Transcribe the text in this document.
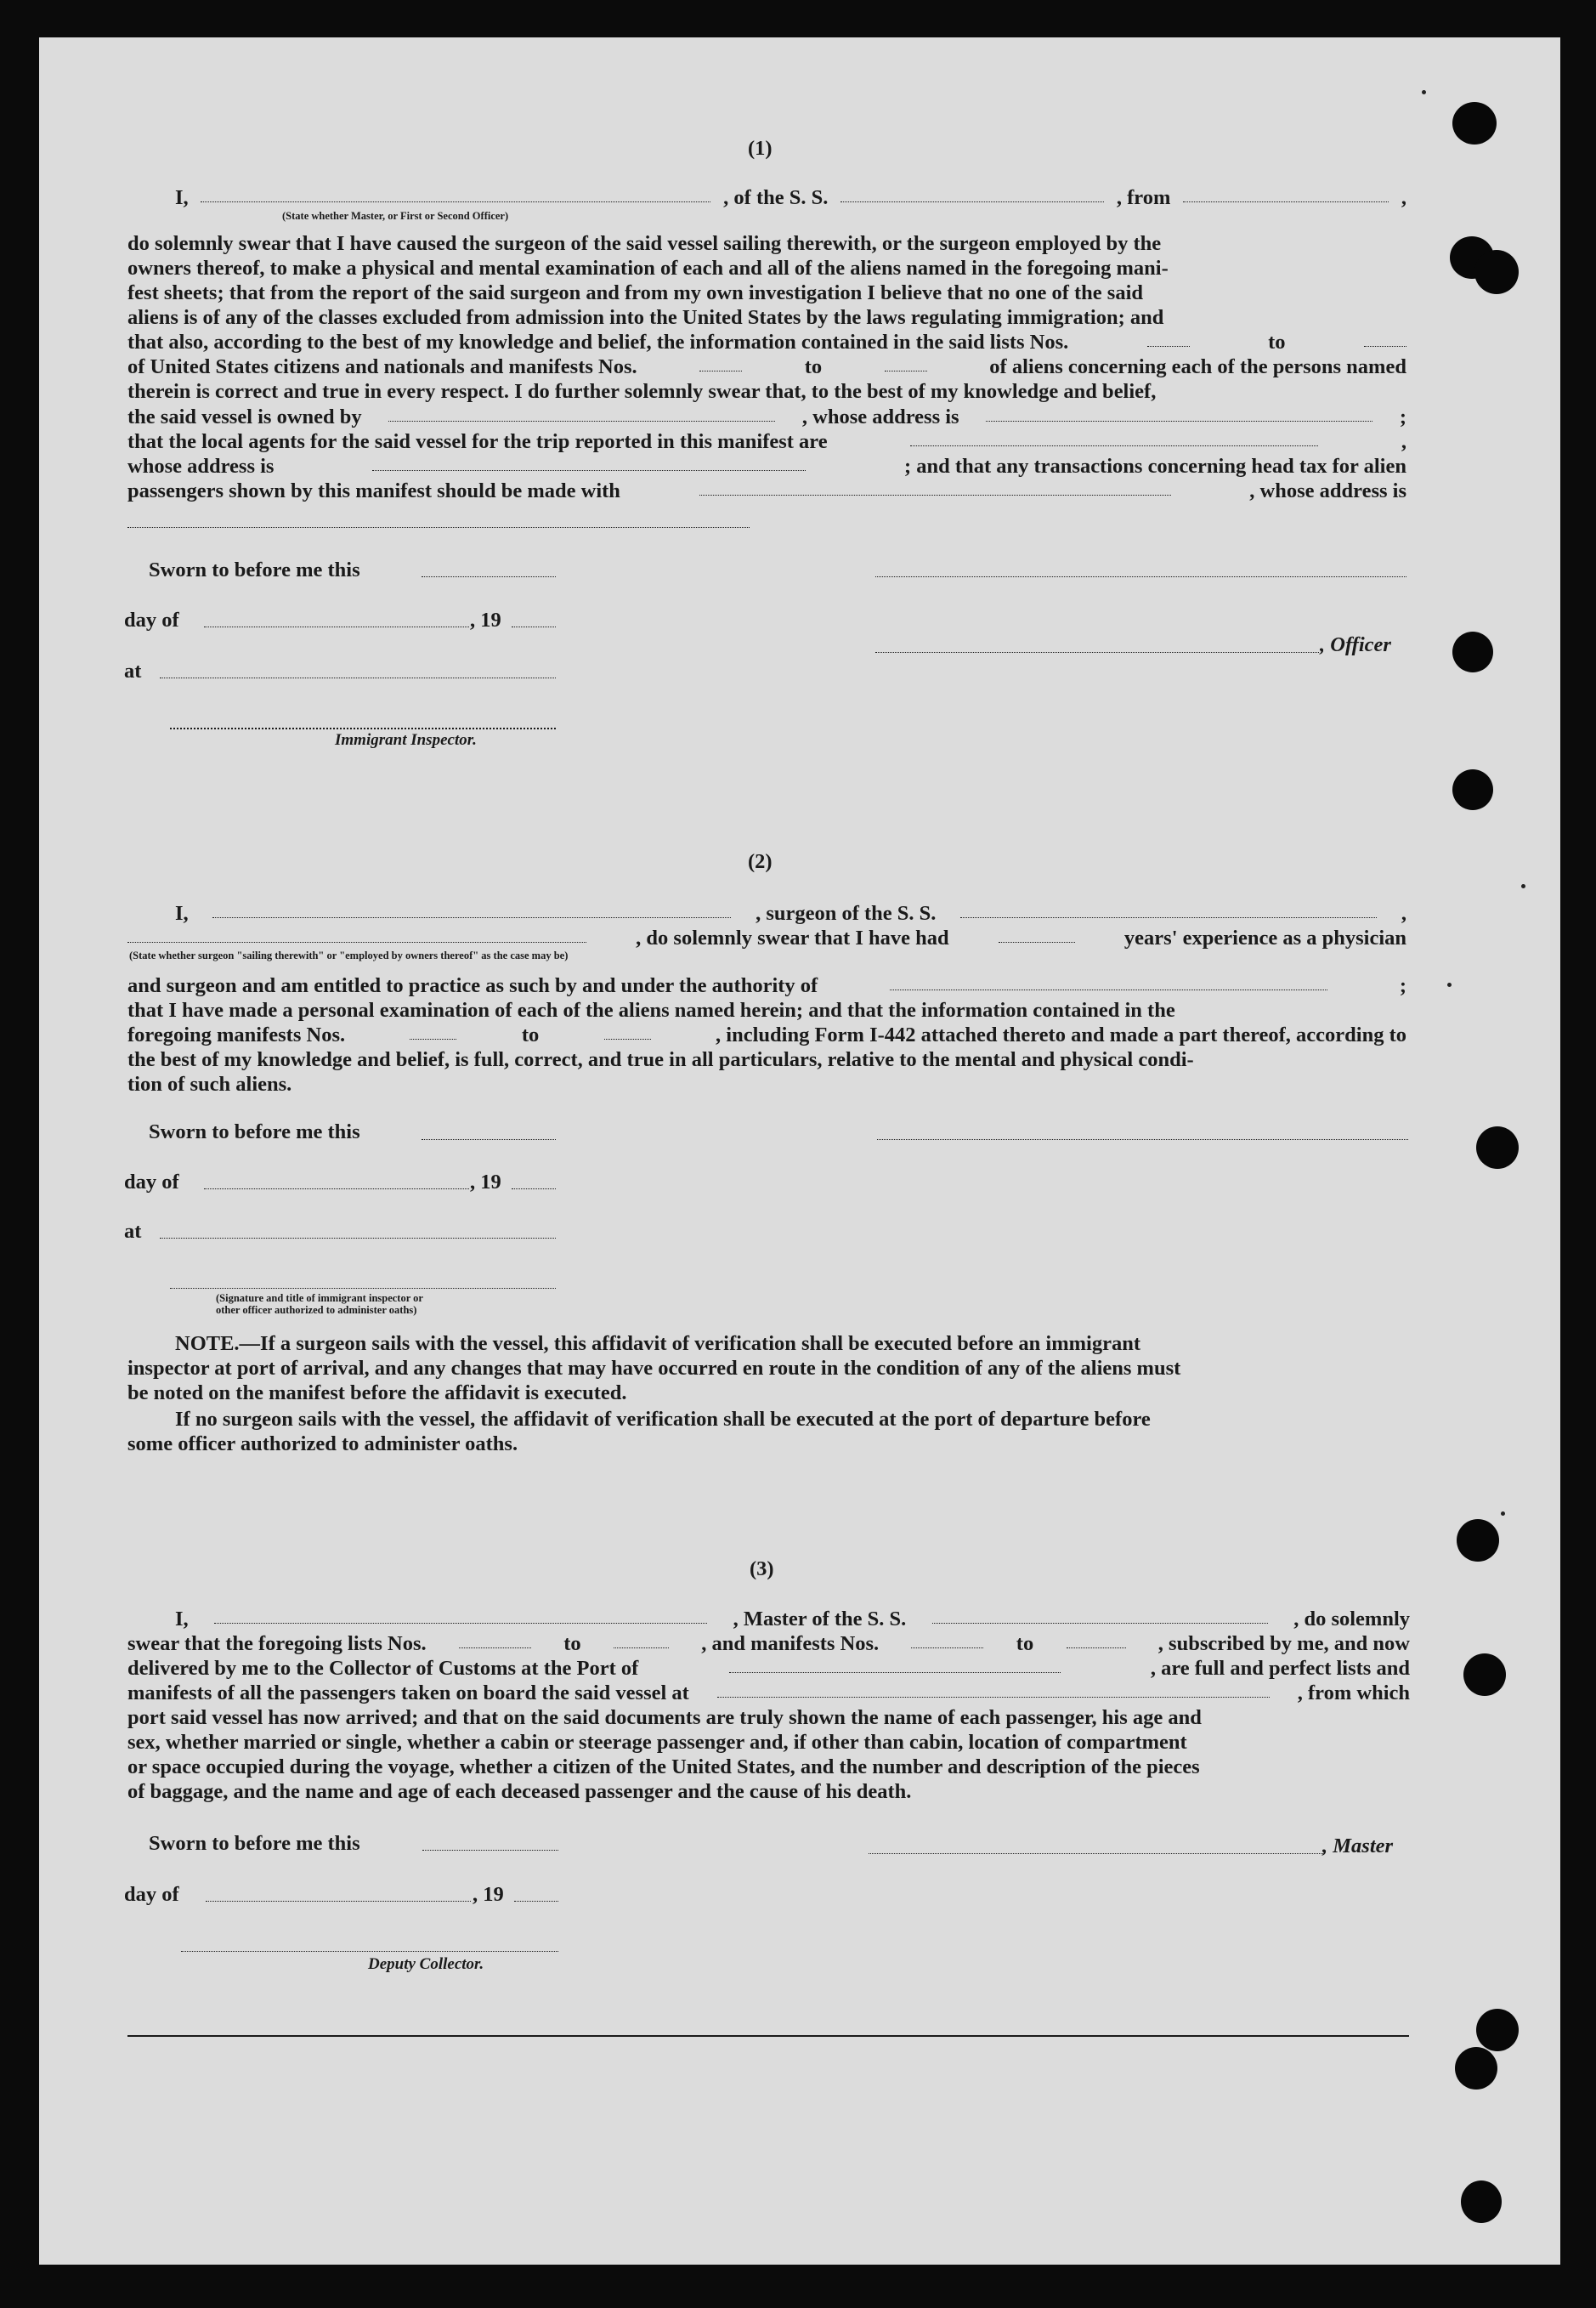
(1)
I,	, of the S. S.	, from	,
(State whether Master, or First or Second Officer)
do solemnly swear that I have caused the surgeon of the said vessel sailing therewith, or the surgeon employed by the
owners thereof, to make a physical and mental examination of each and all of the aliens named in the foregoing mani-
fest sheets; that from the report of the said surgeon and from my own investigation I believe that no one of the said
aliens is of any of the classes excluded from admission into the United States by the laws regulating immigration; and
that also, according to the best of my knowledge and belief, the information contained in the said lists Nos.	to
of United States citizens and nationals and manifests Nos.	to	of aliens concerning each of the persons named
therein is correct and true in every respect. I do further solemnly swear that, to the best of my knowledge and belief,
the said vessel is owned by	, whose address is	;
that the local agents for the said vessel for the trip reported in this manifest are	,
whose address is	; and that any transactions concerning head tax for alien
passengers shown by this manifest should be made with	, whose address is
Sworn to before me this
day of	, 19
, Officer
at
Immigrant Inspector.
(2)
I,	, surgeon of the S. S.	,
, do solemnly swear that I have had	years' experience as a physician
(State whether surgeon "sailing therewith" or "employed by owners thereof" as the case may be)
and surgeon and am entitled to practice as such by and under the authority of	;
that I have made a personal examination of each of the aliens named herein; and that the information contained in the
foregoing manifests Nos.	to	, including Form I-442 attached thereto and made a part thereof, according to
the best of my knowledge and belief, is full, correct, and true in all particulars, relative to the mental and physical condi-
tion of such aliens.
Sworn to before me this
day of	, 19
at
(Signature and title of immigrant inspector or
other officer authorized to administer oaths)
NOTE.—If a surgeon sails with the vessel, this affidavit of verification shall be executed before an immigrant
inspector at port of arrival, and any changes that may have occurred en route in the condition of any of the aliens must
be noted on the manifest before the affidavit is executed.
If no surgeon sails with the vessel, the affidavit of verification shall be executed at the port of departure before
some officer authorized to administer oaths.
(3)
I,	, Master of the S. S.	, do solemnly
swear that the foregoing lists Nos.	to	, and manifests Nos.	to	, subscribed by me, and now
delivered by me to the Collector of Customs at the Port of	, are full and perfect lists and
manifests of all the passengers taken on board the said vessel at	, from which
port said vessel has now arrived; and that on the said documents are truly shown the name of each passenger, his age and
sex, whether married or single, whether a cabin or steerage passenger and, if other than cabin, location of compartment
or space occupied during the voyage, whether a citizen of the United States, and the number and description of the pieces
of baggage, and the name and age of each deceased passenger and the cause of his death.
Sworn to before me this	, Master
day of	, 19
Deputy Collector.
